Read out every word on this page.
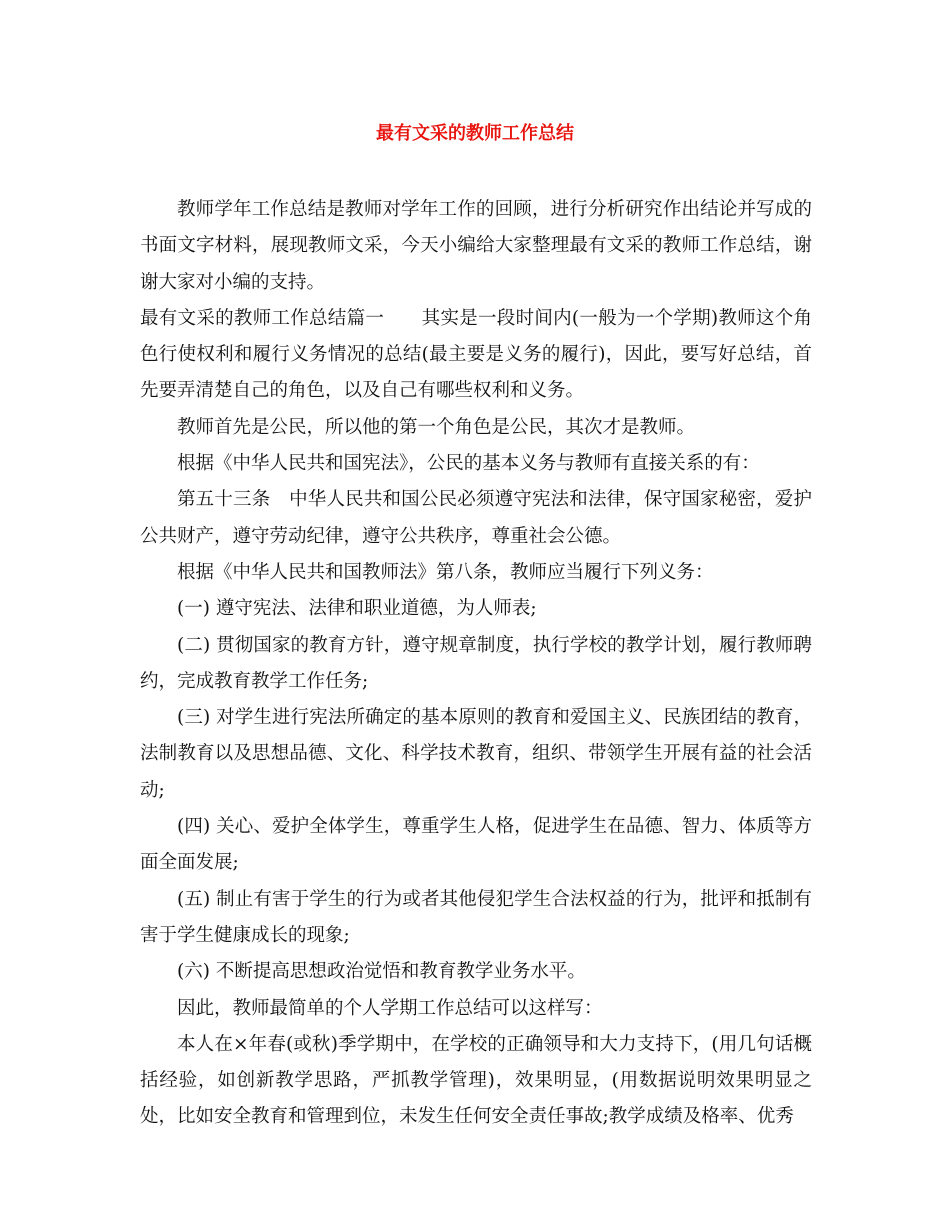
最有文采的教师工作总结

教师学年工作总结是教师对学年工作的回顾，进行分析研究作出结论并写成的书面文字材料，展现教师文采，今天小编给大家整理最有文采的教师工作总结，谢谢大家对小编的支持。

最有文采的教师工作总结篇一　　其实是一段时间内(一般为一个学期)教师这个角色行使权利和履行义务情况的总结(最主要是义务的履行)，因此，要写好总结，首先要弄清楚自己的角色，以及自己有哪些权利和义务。

教师首先是公民，所以他的第一个角色是公民，其次才是教师。

根据《中华人民共和国宪法》，公民的基本义务与教师有直接关系的有：

第五十三条　中华人民共和国公民必须遵守宪法和法律，保守国家秘密，爱护公共财产，遵守劳动纪律，遵守公共秩序，尊重社会公德。

根据《中华人民共和国教师法》第八条，教师应当履行下列义务：

(一) 遵守宪法、法律和职业道德，为人师表;

(二) 贯彻国家的教育方针，遵守规章制度，执行学校的教学计划，履行教师聘约，完成教育教学工作任务;

(三) 对学生进行宪法所确定的基本原则的教育和爱国主义、民族团结的教育，法制教育以及思想品德、文化、科学技术教育，组织、带领学生开展有益的社会活动;

(四) 关心、爱护全体学生，尊重学生人格，促进学生在品德、智力、体质等方面全面发展;

(五) 制止有害于学生的行为或者其他侵犯学生合法权益的行为，批评和抵制有害于学生健康成长的现象;

(六) 不断提高思想政治觉悟和教育教学业务水平。

因此，教师最简单的个人学期工作总结可以这样写：

本人在×年春(或秋)季学期中，在学校的正确领导和大力支持下，(用几句话概括经验，如创新教学思路，严抓教学管理)，效果明显，(用数据说明效果明显之处，比如安全教育和管理到位，未发生任何安全责任事故;教学成绩及格率、优秀
